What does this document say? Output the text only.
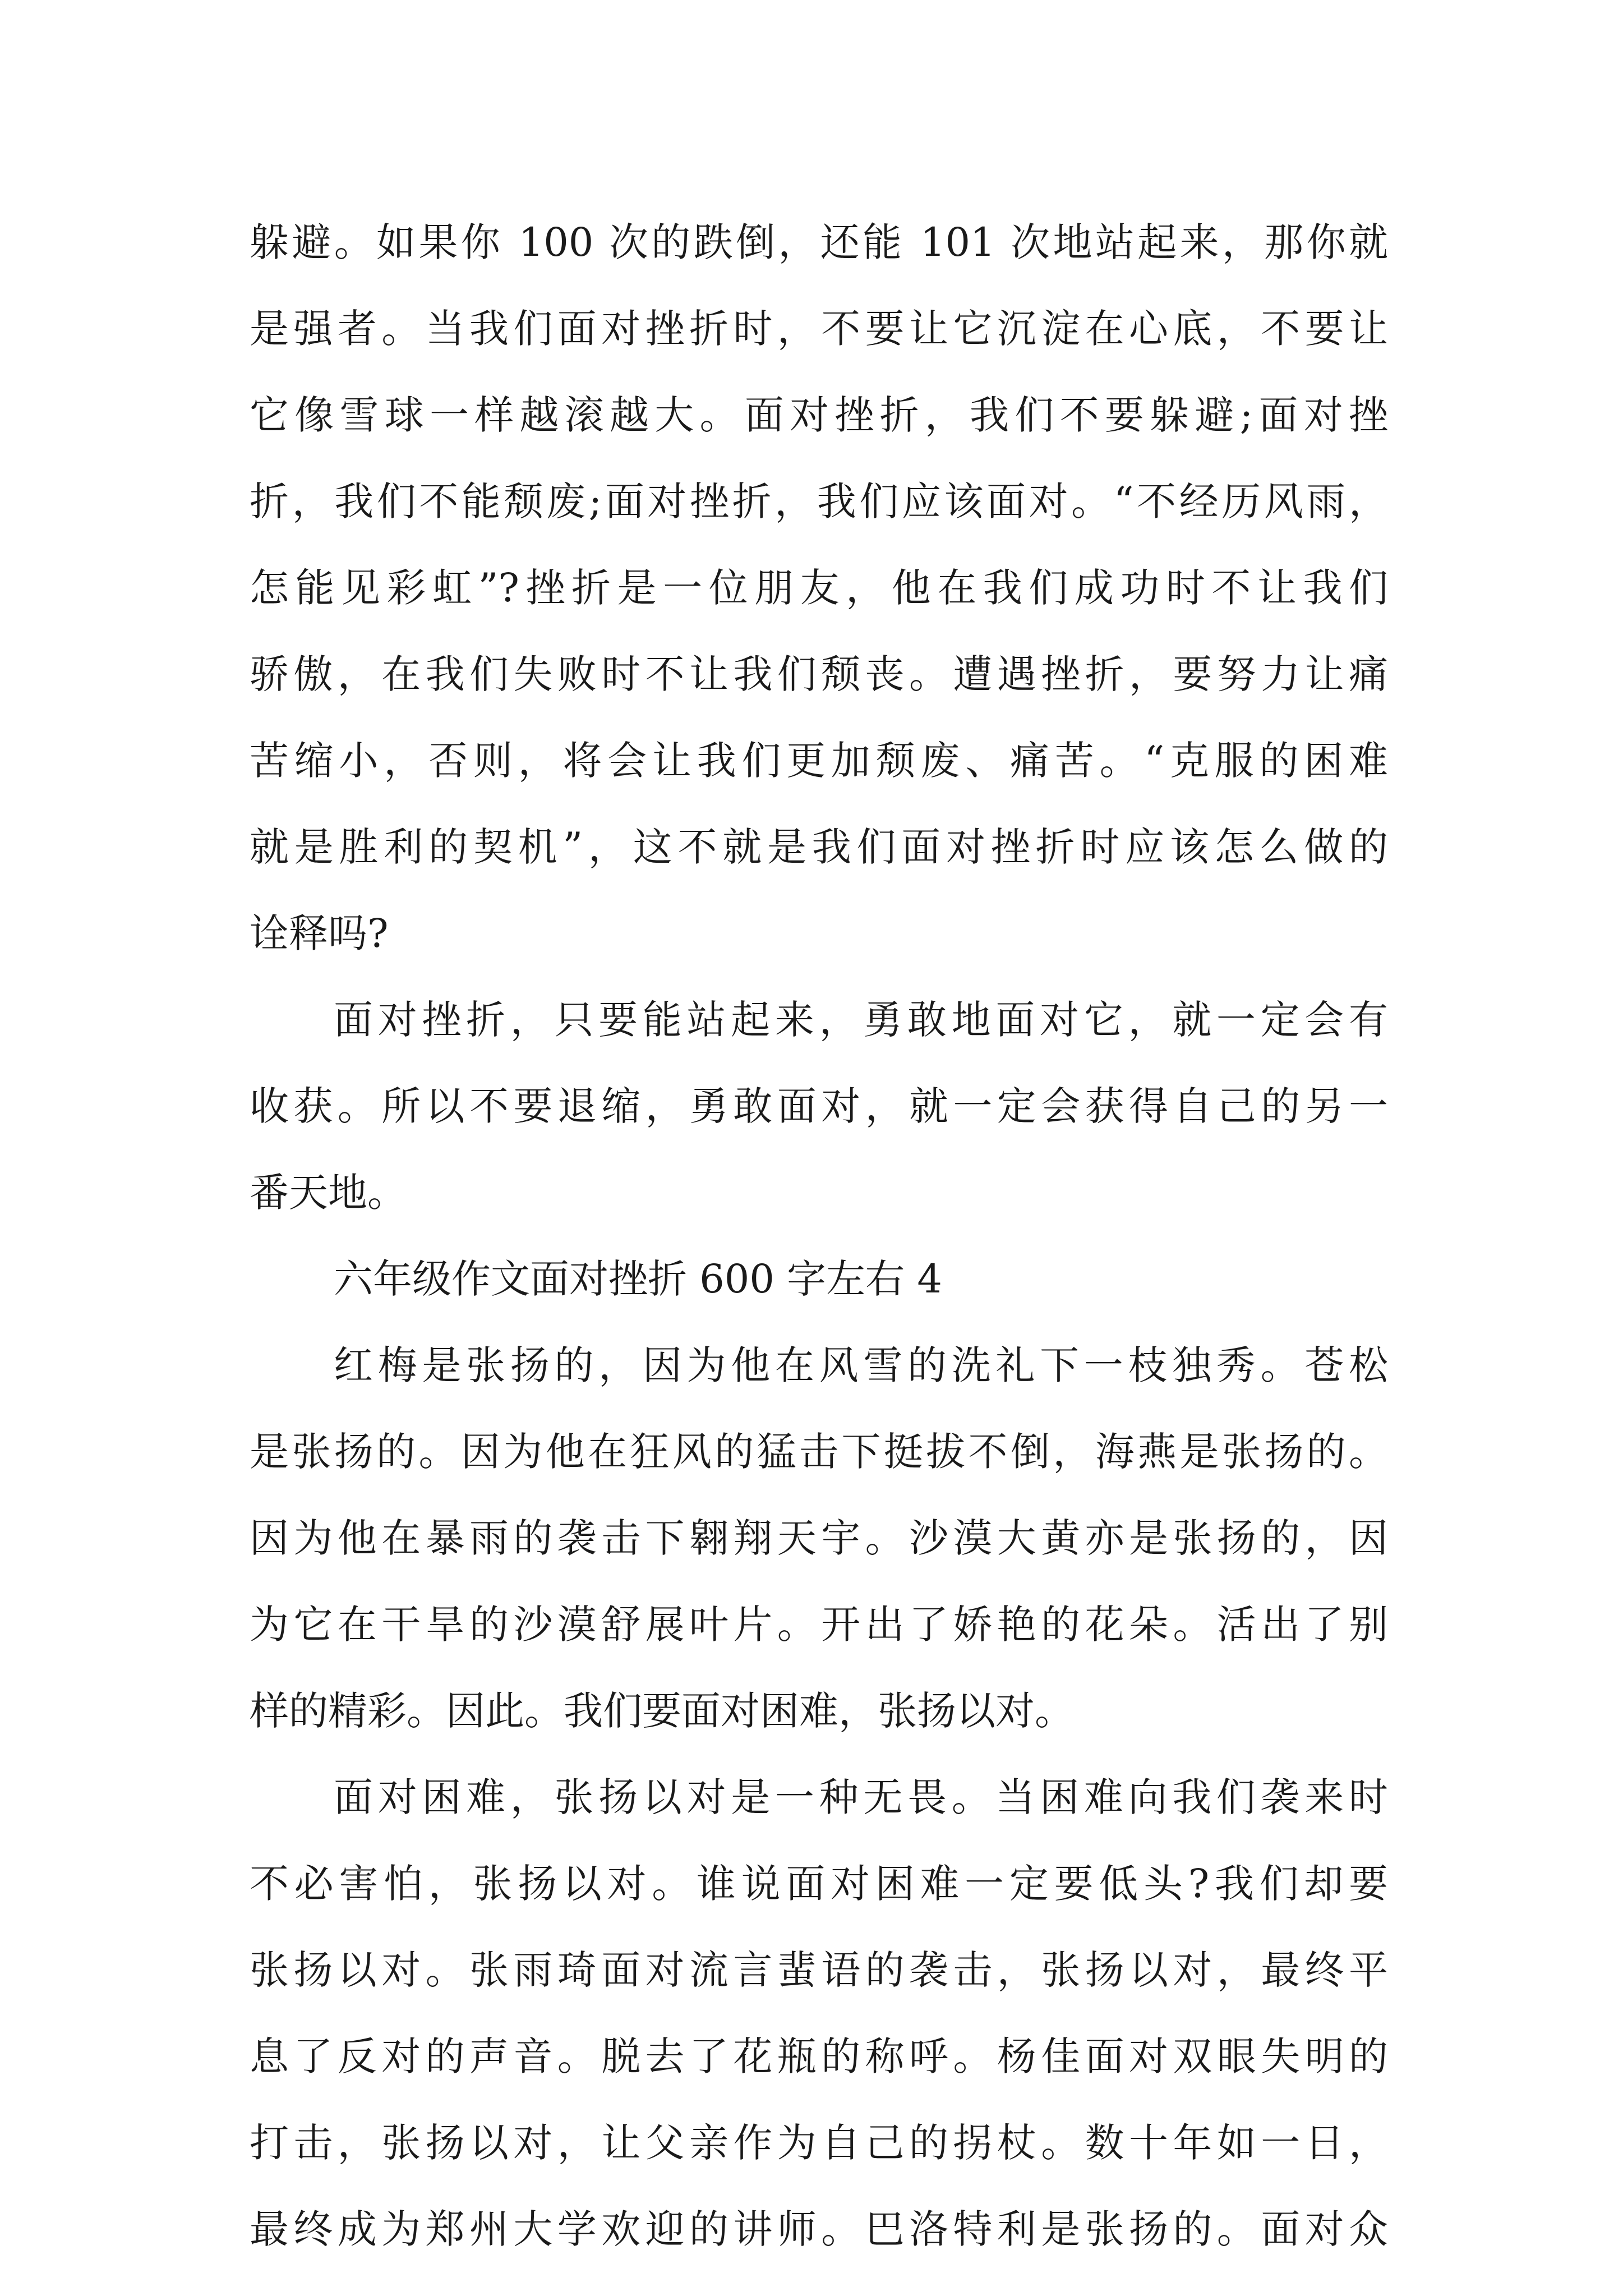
躲避。如果你 100 次的跌倒，还能 101 次地站起来，那你就
是强者。当我们面对挫折时，不要让它沉淀在心底，不要让
它像雪球一样越滚越大。面对挫折，我们不要躲避;面对挫
折，我们不能颓废;面对挫折，我们应该面对。“不经历风雨，
怎能见彩虹”?挫折是一位朋友，他在我们成功时不让我们
骄傲，在我们失败时不让我们颓丧。遭遇挫折，要努力让痛
苦缩小，否则，将会让我们更加颓废、痛苦。“克服的困难
就是胜利的契机”，这不就是我们面对挫折时应该怎么做的
诠释吗?
面对挫折，只要能站起来，勇敢地面对它，就一定会有
收获。所以不要退缩，勇敢面对，就一定会获得自己的另一
番天地。
六年级作文面对挫折 600 字左右 4
红梅是张扬的，因为他在风雪的洗礼下一枝独秀。苍松
是张扬的。因为他在狂风的猛击下挺拔不倒，海燕是张扬的。
因为他在暴雨的袭击下翱翔天宇。沙漠大黄亦是张扬的，因
为它在干旱的沙漠舒展叶片。开出了娇艳的花朵。活出了别
样的精彩。因此。我们要面对困难，张扬以对。
面对困难，张扬以对是一种无畏。当困难向我们袭来时
不必害怕，张扬以对。谁说面对困难一定要低头?我们却要
张扬以对。张雨琦面对流言蜚语的袭击，张扬以对，最终平
息了反对的声音。脱去了花瓶的称呼。杨佳面对双眼失明的
打击，张扬以对，让父亲作为自己的拐杖。数十年如一日，
最终成为郑州大学欢迎的讲师。巴洛特利是张扬的。面对众
